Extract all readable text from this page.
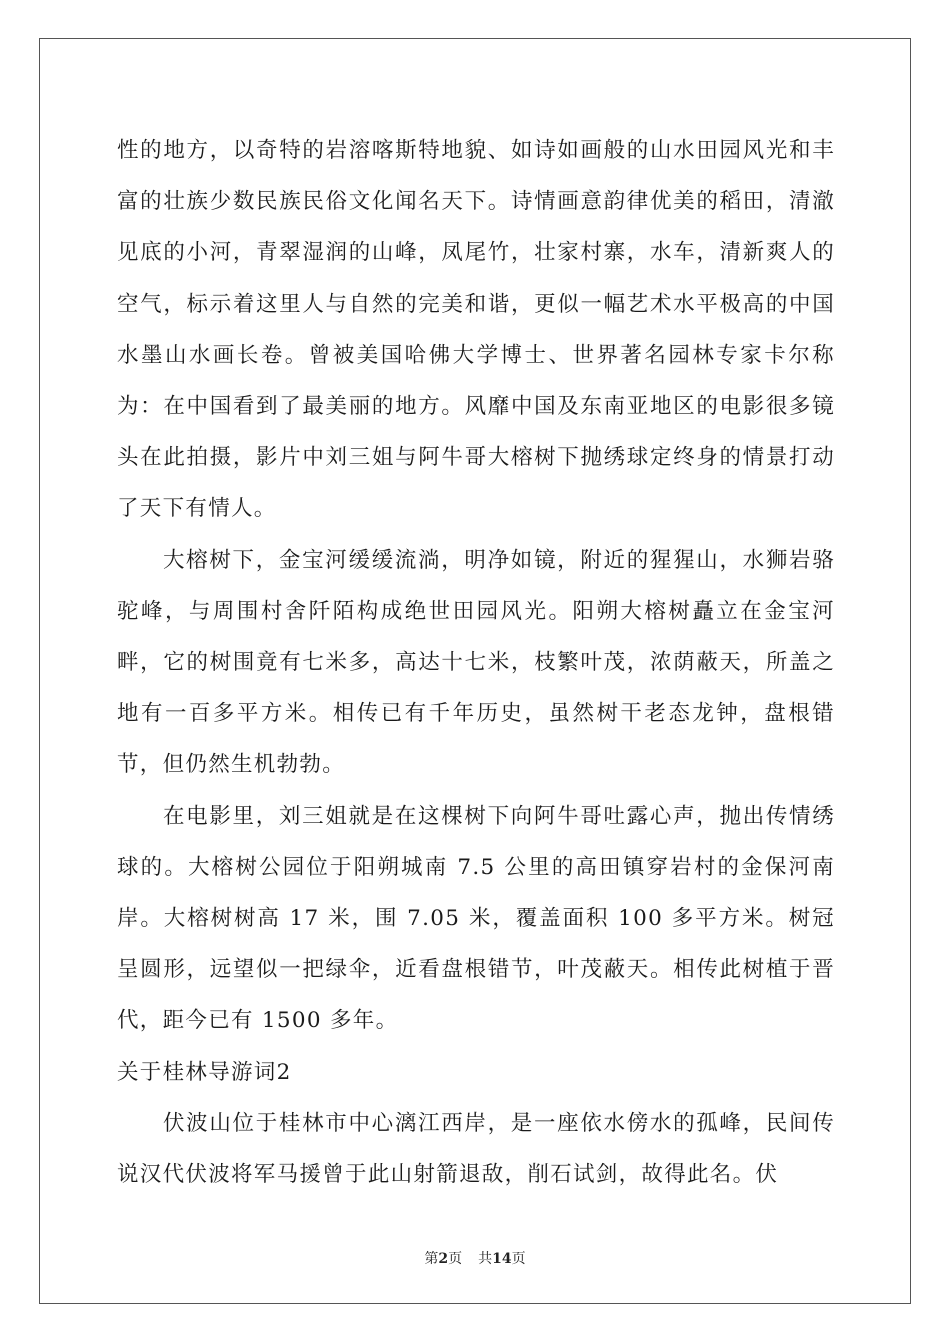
性的地方，以奇特的岩溶喀斯特地貌、如诗如画般的山水田园风光和丰富的壮族少数民族民俗文化闻名天下。诗情画意韵律优美的稻田，清澈见底的小河，青翠湿润的山峰，凤尾竹，壮家村寨，水车，清新爽人的空气，标示着这里人与自然的完美和谐，更似一幅艺术水平极高的中国水墨山水画长卷。曾被美国哈佛大学博士、世界著名园林专家卡尔称为：在中国看到了最美丽的地方。风靡中国及东南亚地区的电影很多镜头在此拍摄，影片中刘三姐与阿牛哥大榕树下抛绣球定终身的情景打动了天下有情人。

大榕树下，金宝河缓缓流淌，明净如镜，附近的猩猩山，水狮岩骆驼峰，与周围村舍阡陌构成绝世田园风光。阳朔大榕树矗立在金宝河畔，它的树围竟有七米多，高达十七米，枝繁叶茂，浓荫蔽天，所盖之地有一百多平方米。相传已有千年历史，虽然树干老态龙钟，盘根错节，但仍然生机勃勃。

在电影里，刘三姐就是在这棵树下向阿牛哥吐露心声，抛出传情绣球的。大榕树公园位于阳朔城南 7.5 公里的高田镇穿岩村的金保河南岸。大榕树树高 17 米，围 7.05 米，覆盖面积 100 多平方米。树冠呈圆形，远望似一把绿伞，近看盘根错节，叶茂蔽天。相传此树植于晋代，距今已有 1500 多年。

关于桂林导游词2

伏波山位于桂林市中心漓江西岸，是一座依水傍水的孤峰，民间传说汉代伏波将军马援曾于此山射箭退敌，削石试剑，故得此名。伏

第2页 共14页
